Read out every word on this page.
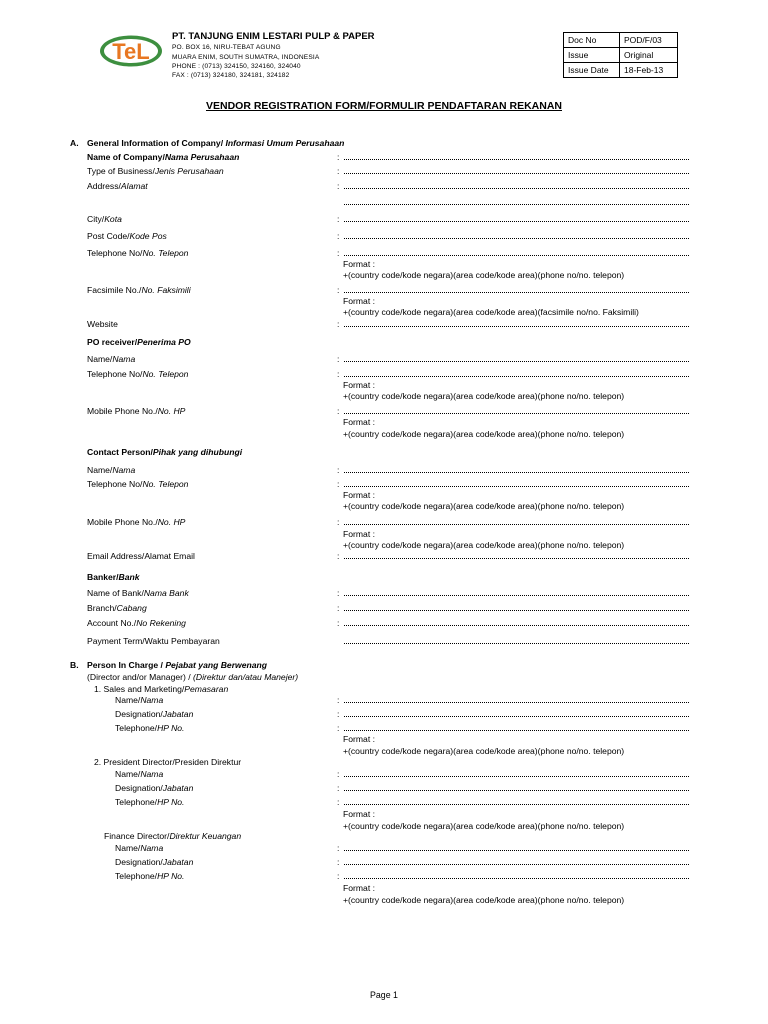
TeL
PT. TANJUNG ENIM LESTARI PULP & PAPER
PO. BOX 16, NIRU-TEBAT AGUNG
MUARA ENIM, SOUTH SUMATRA, INDONESIA
PHONE : (0713) 324150, 324160, 324040
FAX : (0713) 324180, 324181, 324182
Doc No	POD/F/03
Issue	Original
Issue Date	18-Feb-13
VENDOR REGISTRATION FORM/FORMULIR PENDAFTARAN REKANAN
A. General Information of Company/ Informasi Umum Perusahaan
Name of Company/Nama Perusahaan	:
Type of Business/Jenis Perusahaan	:
Address/Alamat	:
City/Kota	:
Post Code/Kode Pos	:
Telephone No/No. Telepon	:
Format :
+(country code/kode negara)(area code/kode area)(phone no/no. telepon)
Facsimile No./No. Faksimili	:
Format :
+(country code/kode negara)(area code/kode area)(facsimile no/no. Faksimili)
Website	:
PO receiver/Penerima PO
Name/Nama	:
Telephone No/No. Telepon	:
Format :
+(country code/kode negara)(area code/kode area)(phone no/no. telepon)
Mobile Phone No./No. HP	:
Format :
+(country code/kode negara)(area code/kode area)(phone no/no. telepon)
Contact Person/Pihak yang dihubungi
Name/Nama	:
Telephone No/No. Telepon	:
Format :
+(country code/kode negara)(area code/kode area)(phone no/no. telepon)
Mobile Phone No./No. HP	:
Format :
+(country code/kode negara)(area code/kode area)(phone no/no. telepon)
Email Address/Alamat Email	:
Banker/Bank
Name of Bank/Nama Bank	:
Branch/Cabang	:
Account No./No Rekening	:
Payment Term/Waktu Pembayaran
B. Person In Charge / Pejabat yang Berwenang
(Director and/or Manager) / (Direktur dan/atau Manejer)
1. Sales and Marketing/Pemasaran
Name/Nama	:
Designation/Jabatan	:
Telephone/HP No.	:
Format :
+(country code/kode negara)(area code/kode area)(phone no/no. telepon)
2. President Director/Presiden Direktur
Name/Nama	:
Designation/Jabatan	:
Telephone/HP No.	:
Format :
+(country code/kode negara)(area code/kode area)(phone no/no. telepon)
Finance Director/Direktur Keuangan
Name/Nama	:
Designation/Jabatan	:
Telephone/HP No.	:
Format :
+(country code/kode negara)(area code/kode area)(phone no/no. telepon)
Page 1
